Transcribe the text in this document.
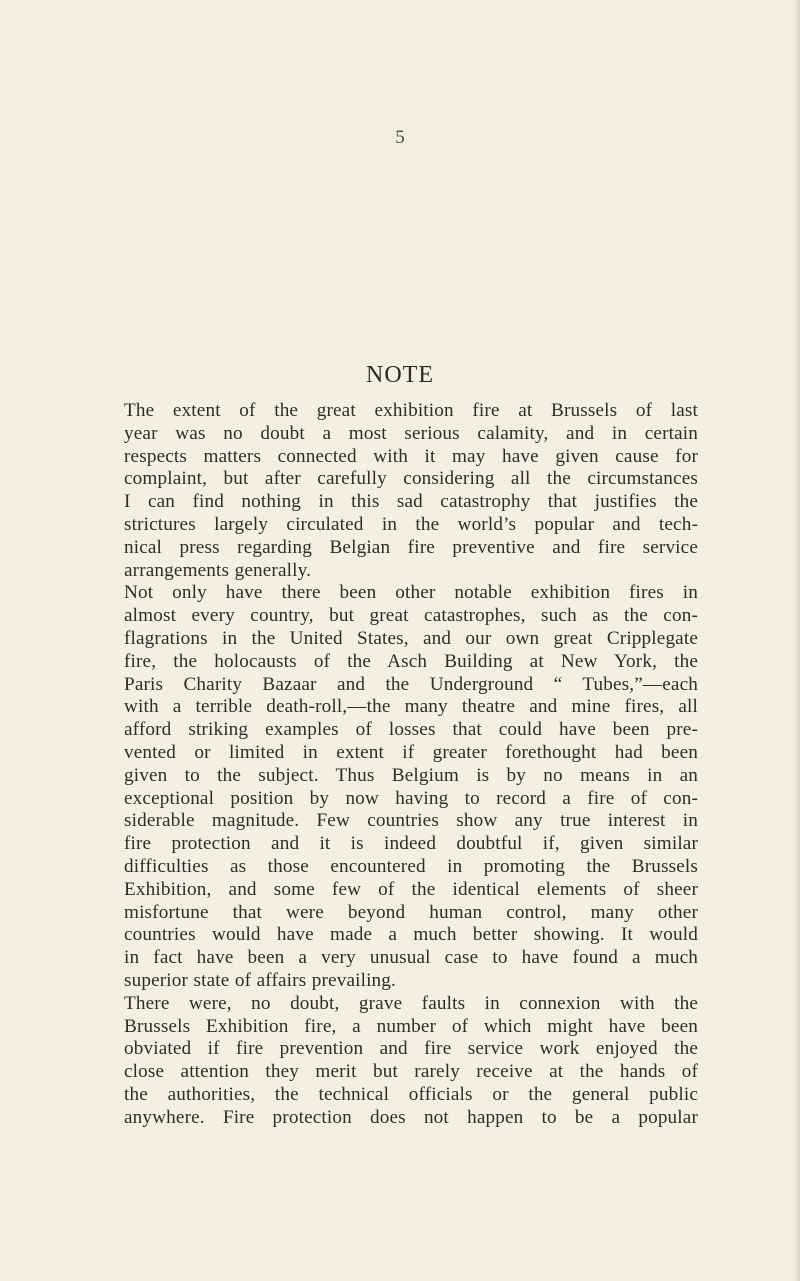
5
NOTE
The extent of the great exhibition fire at Brussels of last
year was no doubt a most serious calamity, and in certain
respects matters connected with it may have given cause for
complaint, but after carefully considering all the circumstances
I can find nothing in this sad catastrophy that justifies the
strictures largely circulated in the world’s popular and tech-
nical press regarding Belgian fire preventive and fire service
arrangements generally.
Not only have there been other notable exhibition fires in
almost every country, but great catastrophes, such as the con-
flagrations in the United States, and our own great Cripplegate
fire, the holocausts of the Asch Building at New York, the
Paris Charity Bazaar and the Underground “ Tubes,”—each
with a terrible death-roll,—the many theatre and mine fires, all
afford striking examples of losses that could have been pre-
vented or limited in extent if greater forethought had been
given to the subject. Thus Belgium is by no means in an
exceptional position by now having to record a fire of con-
siderable magnitude. Few countries show any true interest in
fire protection and it is indeed doubtful if, given similar
difficulties as those encountered in promoting the Brussels
Exhibition, and some few of the identical elements of sheer
misfortune that were beyond human control, many other
countries would have made a much better showing. It would
in fact have been a very unusual case to have found a much
superior state of affairs prevailing.
There were, no doubt, grave faults in connexion with the
Brussels Exhibition fire, a number of which might have been
obviated if fire prevention and fire service work enjoyed the
close attention they merit but rarely receive at the hands of
the authorities, the technical officials or the general public
anywhere. Fire protection does not happen to be a popular
